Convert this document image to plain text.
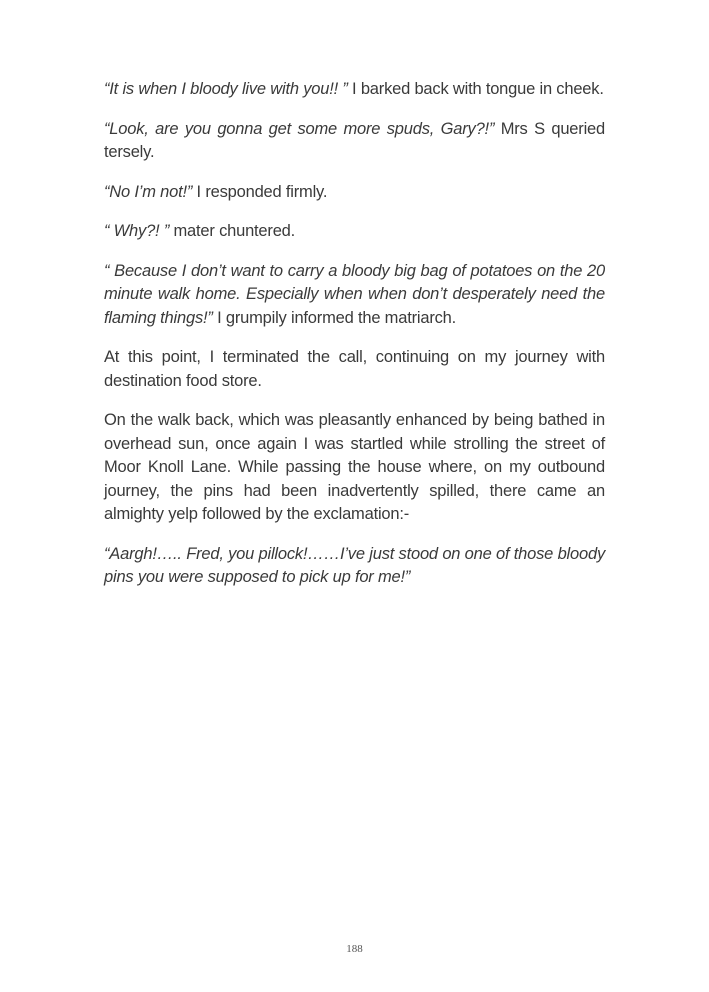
“It is when I bloody live with you!! ” I barked back with tongue in cheek.

“Look, are you gonna get some more spuds, Gary?!” Mrs S queried tersely.

“No I’m not!” I responded firmly.

“ Why?! ” mater chuntered.

“ Because I don’t want to carry a bloody big bag of potatoes on the 20 minute walk home. Especially when when don’t desperately need the flaming things!” I grumpily informed the matriarch.

At this point, I terminated the call, continuing on my journey with destination food store.

On the walk back, which was pleasantly enhanced by being bathed in overhead sun, once again I was startled while strolling the street of Moor Knoll Lane. While passing the house where, on my outbound journey, the pins had been inadvertently spilled, there came an almighty yelp followed by the exclamation:-

“Aargh!….. Fred, you pillock!……I’ve just stood on one of those bloody pins you were supposed to pick up for me!”

188
